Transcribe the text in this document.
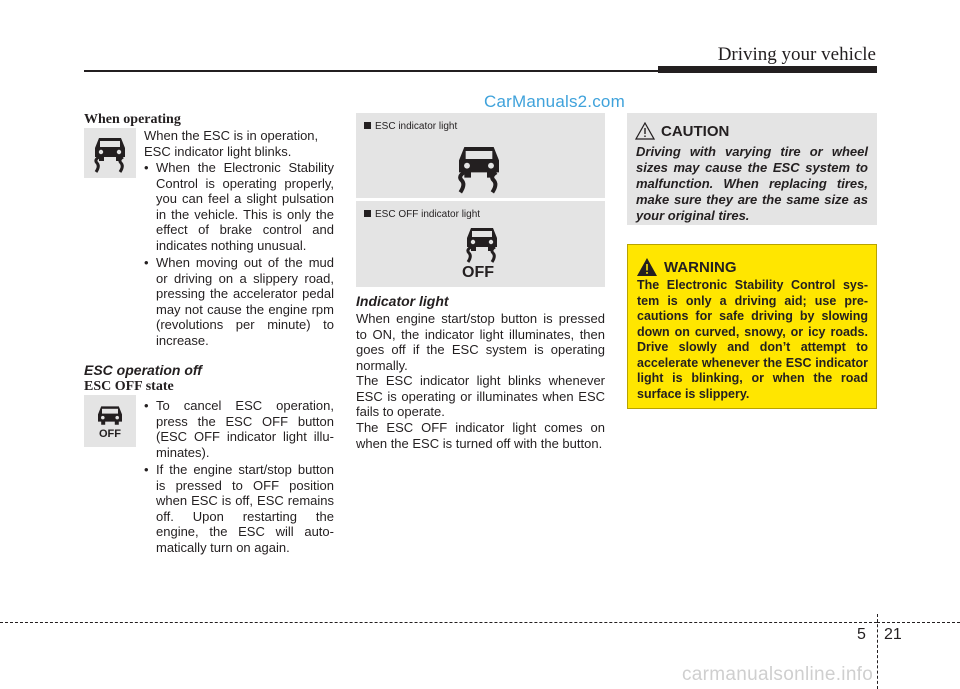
Driving your vehicle
CarManuals2.com
When operating
When the ESC is in operation, ESC indicator light blinks.
• When the Electronic Stability Control is operating properly, you can feel a slight pulsation in the vehicle. This is only the effect of brake control and indicates nothing unusual.
• When moving out of the mud or driving on a slippery road, pressing the accelerator pedal may not cause the engine rpm (revolutions per minute) to increase.
ESC operation off
ESC OFF state
OFF
• To cancel ESC operation, press the ESC OFF button (ESC OFF indicator light illuminates).
• If the engine start/stop button is pressed to OFF position when ESC is off, ESC remains off. Upon restarting the engine, the ESC will automatically turn on again.
ESC indicator light
ESC OFF indicator light
OFF
Indicator light
When engine start/stop button is pressed to ON, the indicator light illuminates, then goes off if the ESC system is operating normally.
The ESC indicator light blinks whenever ESC is operating or illuminates when ESC fails to operate.
The ESC OFF indicator light comes on when the ESC is turned off with the button.
CAUTION
Driving with varying tire or wheel sizes may cause the ESC system to malfunction. When replacing tires, make sure they are the same size as your original tires.
WARNING
The Electronic Stability Control system is only a driving aid; use precautions for safe driving by slowing down on curved, snowy, or icy roads. Drive slowly and don’t attempt to accelerate whenever the ESC indicator light is blinking, or when the road surface is slippery.
5 21
carmanualsonline.info
